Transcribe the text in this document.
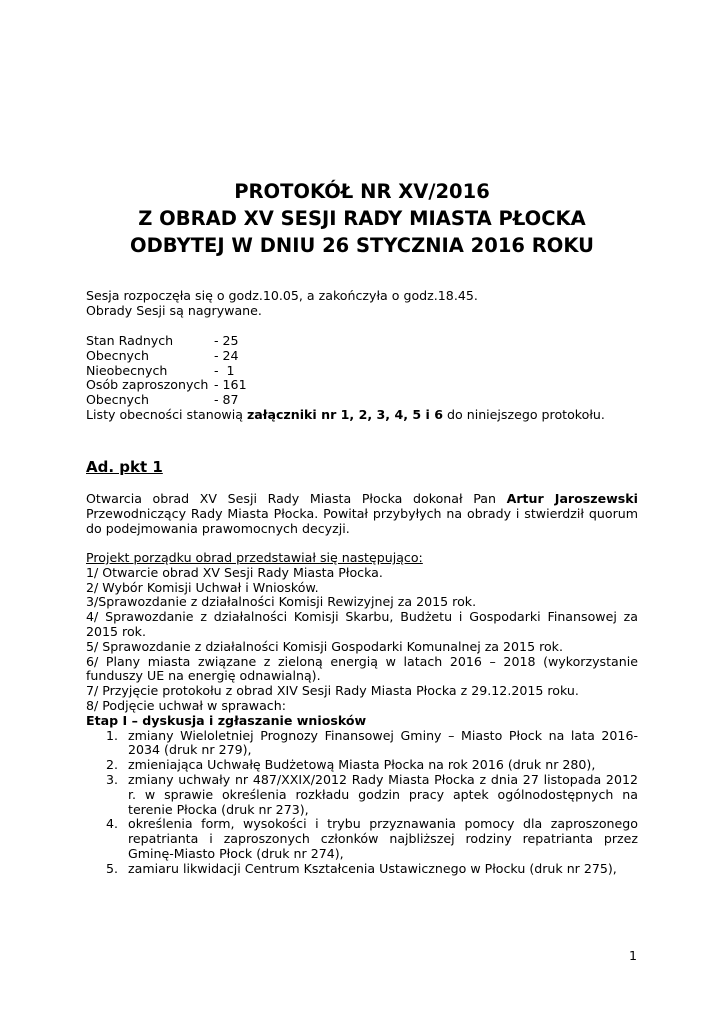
PROTOKÓŁ NR XV/2016
Z OBRAD XV SESJI RADY MIASTA PŁOCKA
ODBYTEJ W DNIU 26 STYCZNIA 2016 ROKU
Sesja rozpoczęła się o godz.10.05, a zakończyła o godz.18.45.
Obrady Sesji są nagrywane.
Stan Radnych	- 25
Obecnych	- 24
Nieobecnych	-  1
Osób zaproszonych - 161
Obecnych	- 87
Listy obecności stanowią załączniki nr 1, 2, 3, 4, 5 i 6 do niniejszego protokołu.
Ad. pkt 1
Otwarcia obrad XV Sesji Rady Miasta Płocka dokonał Pan Artur Jaroszewski Przewodniczący Rady Miasta Płocka. Powitał przybyłych na obrady i stwierdził quorum do podejmowania prawomocnych decyzji.
Projekt porządku obrad przedstawiał się następująco:
1/ Otwarcie obrad XV Sesji Rady Miasta Płocka.
2/ Wybór Komisji Uchwał i Wniosków.
3/Sprawozdanie z działalności Komisji Rewizyjnej za 2015 rok.
4/ Sprawozdanie z działalności Komisji Skarbu, Budżetu i Gospodarki Finansowej za 2015 rok.
5/ Sprawozdanie z działalności Komisji Gospodarki Komunalnej za 2015 rok.
6/ Plany miasta związane z zieloną energią w latach 2016 – 2018 (wykorzystanie funduszy UE na energię odnawialną).
7/ Przyjęcie protokołu z obrad XIV Sesji Rady Miasta Płocka z 29.12.2015 roku.
8/ Podjęcie uchwał w sprawach:
Etap I – dyskusja i zgłaszanie wniosków
1. zmiany Wieloletniej Prognozy Finansowej Gminy – Miasto Płock na lata 2016-2034 (druk nr 279),
2. zmieniająca Uchwałę Budżetową Miasta Płocka na rok 2016 (druk nr 280),
3. zmiany uchwały nr 487/XXIX/2012 Rady Miasta Płocka z dnia 27 listopada 2012 r. w sprawie określenia rozkładu godzin pracy aptek ogólnodostępnych na terenie Płocka (druk nr 273),
4. określenia form, wysokości i trybu przyznawania pomocy dla zaproszonego repatrianta i zaproszonych członków najbliższej rodziny repatrianta przez Gminę-Miasto Płock (druk nr 274),
5. zamiaru likwidacji Centrum Kształcenia Ustawicznego w Płocku (druk nr 275),
1
